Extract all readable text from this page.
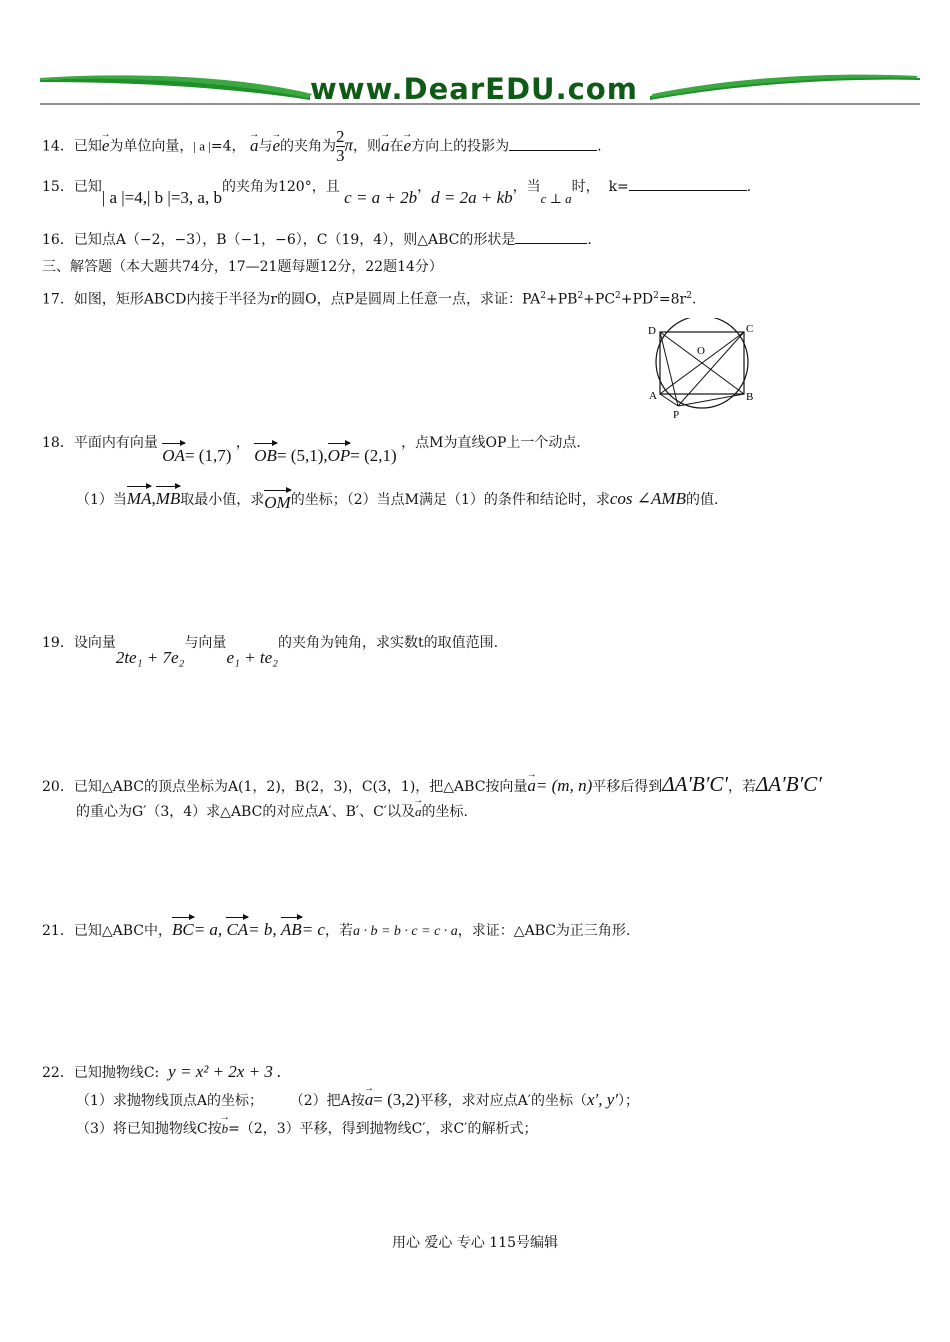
www.DearEDU.com
14．已知→ e为单位向量，| a |=4， → a与→ e的夹角为 $\frac{2}{3}$ π，则→ a在→ e方向上的投影为	.
15．已知| a |=4,| b |=3, a, b的夹角为120°，且 c = a + 2b，d = 2a + kb，当c ⊥ a时， k=	.
16．已知点A（−2，−3），B（−1，−6），C（19，4），则△ABC的形状是	.
三、解答题（本大题共74分，17—21题每题12分，22题14分）
17．如图，矩形ABCD内接于半径为r的圆O，点P是圆周上任意一点，求证：$PA^2+PB^2+PC^2+PD^2=8r^2$.
D	C
O
A	B
P
18．平面内有向量 OA= (1,7) ， OB= (5,1),OP= (2,1) ，点M为直线OP上一个动点.
（1）当MA,MB取最小值，求OM的坐标；（2）当点M满足（1）的条件和结论时，求cos ∠AMB的值.
19．设向量2te₁ + 7e₂与向量e₁ + te₂的夹角为钝角，求实数t的取值范围.
20．已知△ABC的顶点坐标为A(1，2)，B(2，3)，C(3，1)，把△ABC按向量→ a= (m, n)平移后得到ΔA′B′C′，若ΔA′B′C′
的重心为G′（3，4）求△ABC的对应点A′、B′、C′以及→ a的坐标.
21．已知△ABC中，BC= a, CA= b, AB= c，若a · b = b · c = c · a，求证：△ABC为正三角形.
22．已知抛物线C: y = x² + 2x + 3 .
（1）求抛物线顶点A的坐标； （2）把A按→ a= (3,2)平移，求对应点A′的坐标（x′, y′）；
（3）将已知抛物线C按→ b=（2，3）平移，得到抛物线C′，求C′的解析式；
用心 爱心 专心 115号编辑
